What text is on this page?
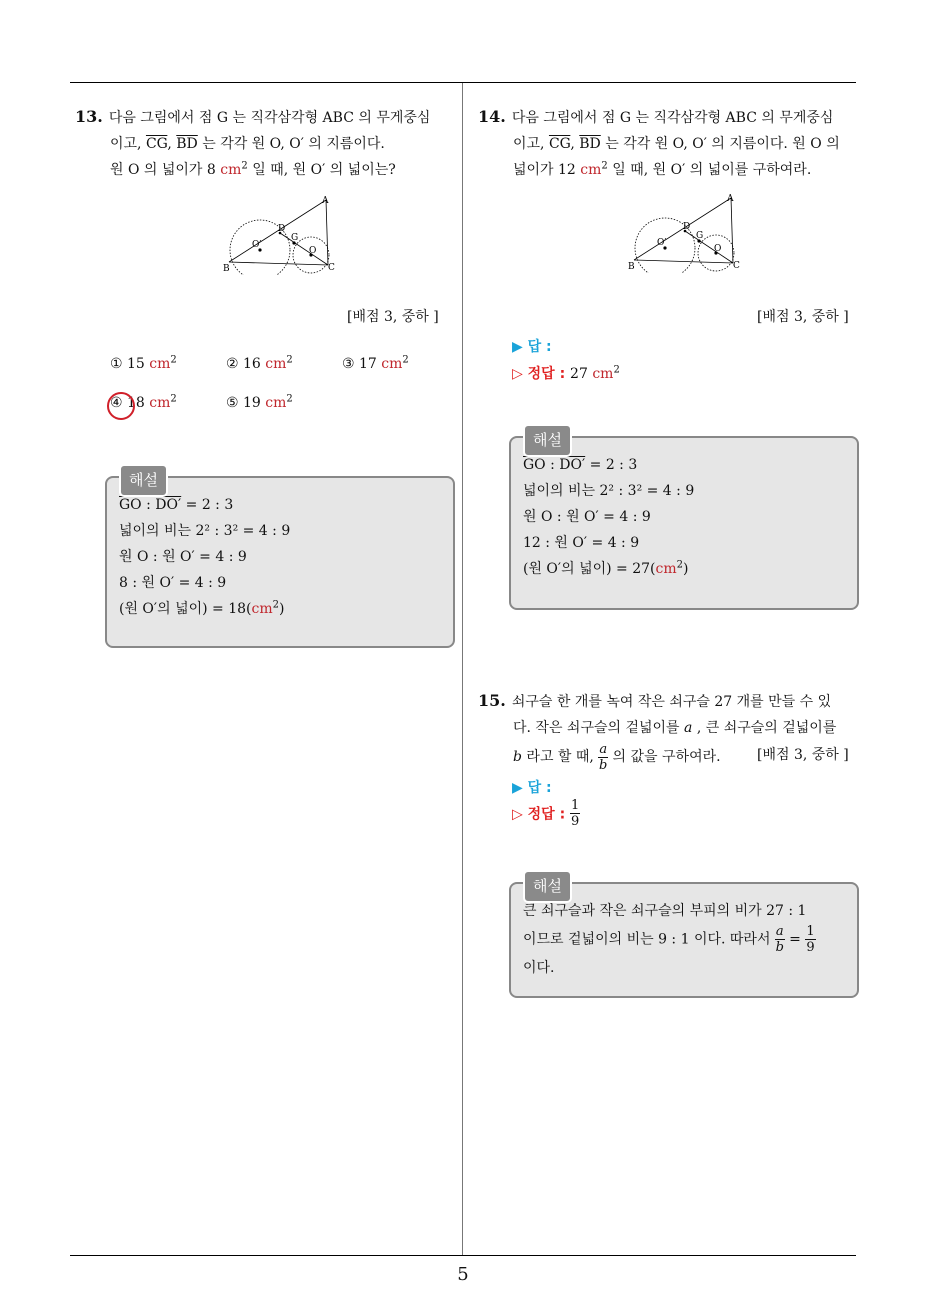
13. 다음 그림에서 점 G 는 직각삼각형 ABC 의 무게중심
이고, $\overline{CG}$, $\overline{BD}$ 는 각각 원 O, O′ 의 지름이다.
원 O 의 넓이가 8 $cm^2$ 일 때, 원 O′ 의 넓이는?
A
B	C
D
G
O′
O
[배점 3, 중하 ]
① 15 $cm^2$	② 16 $cm^2$	③ 17 $cm^2$
④ 18 $cm^2$	⑤ 19 $cm^2$
해설
$\overline{GO}$ : DO′ = 2 : 3
넓이의 비는 2² : 3² = 4 : 9
원 O : 원 O′ = 4 : 9
8 : 원 O′ = 4 : 9
(원 O′의 넓이) = $18(cm^2)$
14. 다음 그림에서 점 G 는 직각삼각형 ABC 의 무게중심
이고, $\overline{CG}$, $\overline{BD}$ 는 각각 원 O, O′ 의 지름이다. 원 O 의
넓이가 12 $cm^2$ 일 때, 원 O′ 의 넓이를 구하여라.
A
B	C
D
G
O′
O
[배점 3, 중하 ]
▶ 답 :
▷ 정답 : 27 $cm^2$
해설
$\overline{GO}$ : DO′ = 2 : 3
넓이의 비는 2² : 3² = 4 : 9
원 O : 원 O′ = 4 : 9
12 : 원 O′ = 4 : 9
(원 O′의 넓이) = $27(cm^2)$
15. 쇠구슬 한 개를 녹여 작은 쇠구슬 27 개를 만들 수 있
다. 작은 쇠구슬의 겉넓이를 a , 큰 쇠구슬의 겉넓이를
b 라고 할 때, $\frac{a}{b}$ 의 값을 구하여라.	[배점 3, 중하 ]
▶ 답 :
▷ 정답 : $\frac{1}{9}$
해설
큰 쇠구슬과 작은 쇠구슬의 부피의 비가 27 : 1
이므로 겉넓이의 비는 9 : 1 이다. 따라서 $\frac{a}{b} = \frac{1}{9}$
이다.
5
